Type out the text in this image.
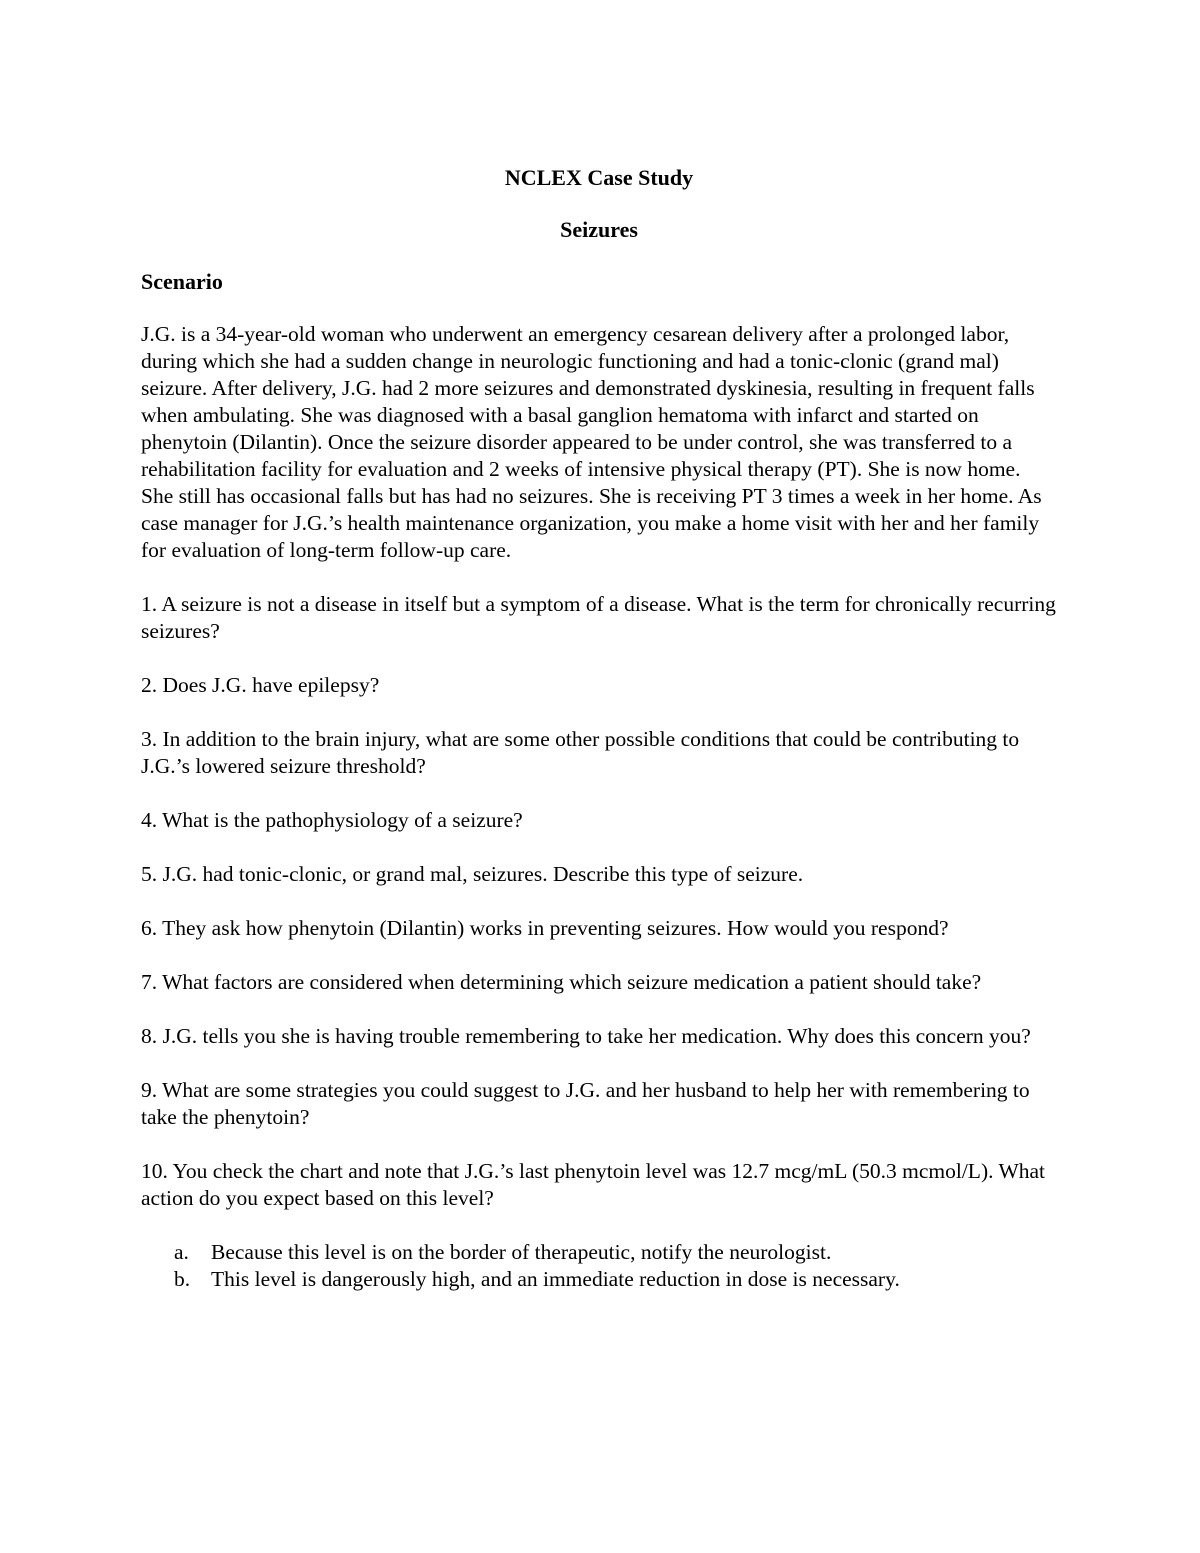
NCLEX Case Study
Seizures
Scenario

J.G. is a 34-year-old woman who underwent an emergency cesarean delivery after a prolonged labor, during which she had a sudden change in neurologic functioning and had a tonic-clonic (grand mal) seizure. After delivery, J.G. had 2 more seizures and demonstrated dyskinesia, resulting in frequent falls when ambulating. She was diagnosed with a basal ganglion hematoma with infarct and started on phenytoin (Dilantin). Once the seizure disorder appeared to be under control, she was transferred to a rehabilitation facility for evaluation and 2 weeks of intensive physical therapy (PT). She is now home. She still has occasional falls but has had no seizures. She is receiving PT 3 times a week in her home. As case manager for J.G.’s health maintenance organization, you make a home visit with her and her family for evaluation of long-term follow-up care.

1. A seizure is not a disease in itself but a symptom of a disease. What is the term for chronically recurring seizures?

2. Does J.G. have epilepsy?

3. In addition to the brain injury, what are some other possible conditions that could be contributing to J.G.’s lowered seizure threshold?

4. What is the pathophysiology of a seizure?

5. J.G. had tonic-clonic, or grand mal, seizures. Describe this type of seizure.

6. They ask how phenytoin (Dilantin) works in preventing seizures. How would you respond?

7. What factors are considered when determining which seizure medication a patient should take?

8. J.G. tells you she is having trouble remembering to take her medication. Why does this concern you?

9. What are some strategies you could suggest to J.G. and her husband to help her with remembering to take the phenytoin?

10. You check the chart and note that J.G.’s last phenytoin level was 12.7 mcg/mL (50.3 mcmol/L). What action do you expect based on this level?

a.	Because this level is on the border of therapeutic, notify the neurologist.
b. This level is dangerously high, and an immediate reduction in dose is necessary.
